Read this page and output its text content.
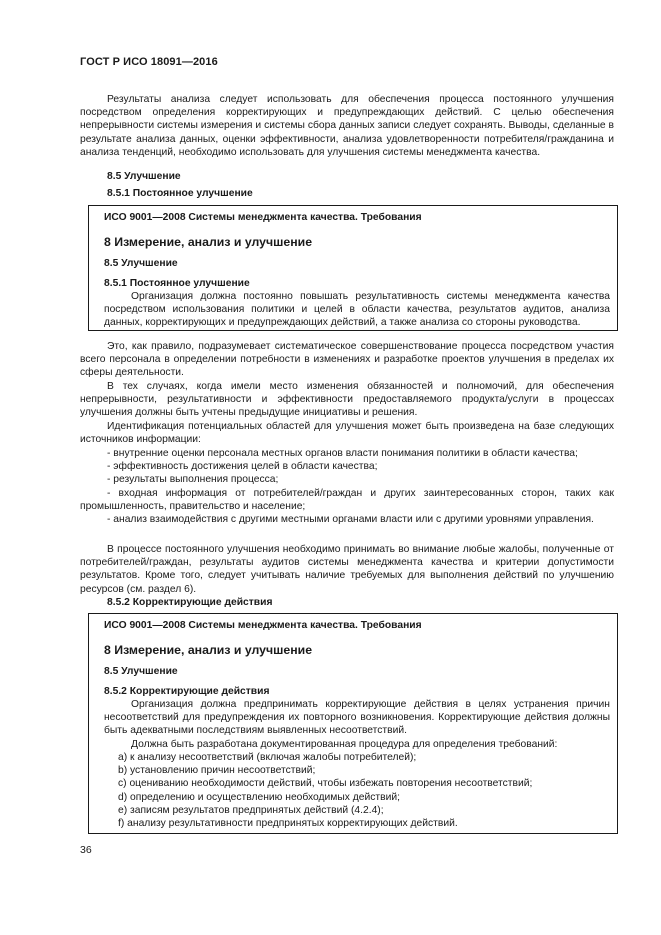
ГОСТ Р ИСО 18091—2016

Результаты анализа следует использовать для обеспечения процесса постоянного улучшения посредством определения корректирующих и предупреждающих действий. С целью обеспечения непрерывности системы измерения и системы сбора данных записи следует сохранять. Выводы, сделанные в результате анализа данных, оценки эффективности, анализа удовлетворенности потребителя/гражданина и анализа тенденций, необходимо использовать для улучшения системы менеджмента качества.

8.5 Улучшение

8.5.1 Постоянное улучшение

ИСО 9001—2008 Системы менеджмента качества. Требования

8 Измерение, анализ и улучшение

8.5 Улучшение

8.5.1 Постоянное улучшение

Организация должна постоянно повышать результативность системы менеджмента качества посредством использования политики и целей в области качества, результатов аудитов, анализа данных, корректирующих и предупреждающих действий, а также анализа со стороны руководства.

Это, как правило, подразумевает систематическое совершенствование процесса посредством участия всего персонала в определении потребности в изменениях и разработке проектов улучшения в пределах их сферы деятельности.

В тех случаях, когда имели место изменения обязанностей и полномочий, для обеспечения непрерывности, результативности и эффективности предоставляемого продукта/услуги в процессах улучшения должны быть учтены предыдущие инициативы и решения.

Идентификация потенциальных областей для улучшения может быть произведена на базе следующих источников информации:

- внутренние оценки персонала местных органов власти понимания политики в области качества;
- эффективность достижения целей в области качества;
- результаты выполнения процесса;
- входная информация от потребителей/граждан и других заинтересованных сторон, таких как промышленность, правительство и население;
- анализ взаимодействия с другими местными органами власти или с другими уровнями управления.

В процессе постоянного улучшения необходимо принимать во внимание любые жалобы, полученные от потребителей/граждан, результаты аудитов системы менеджмента качества и критерии допустимости результатов. Кроме того, следует учитывать наличие требуемых для выполнения действий по улучшению ресурсов (см. раздел 6).

8.5.2 Корректирующие действия

ИСО 9001—2008 Системы менеджмента качества. Требования

8 Измерение, анализ и улучшение

8.5 Улучшение

8.5.2 Корректирующие действия

Организация должна предпринимать корректирующие действия в целях устранения причин несоответствий для предупреждения их повторного возникновения. Корректирующие действия должны быть адекватными последствиям выявленных несоответствий.

Должна быть разработана документированная процедура для определения требований:

a) к анализу несоответствий (включая жалобы потребителей);
b) установлению причин несоответствий;
c) оцениванию необходимости действий, чтобы избежать повторения несоответствий;
d) определению и осуществлению необходимых действий;
e) записям результатов предпринятых действий (4.2.4);
f) анализу результативности предпринятых корректирующих действий.
36
